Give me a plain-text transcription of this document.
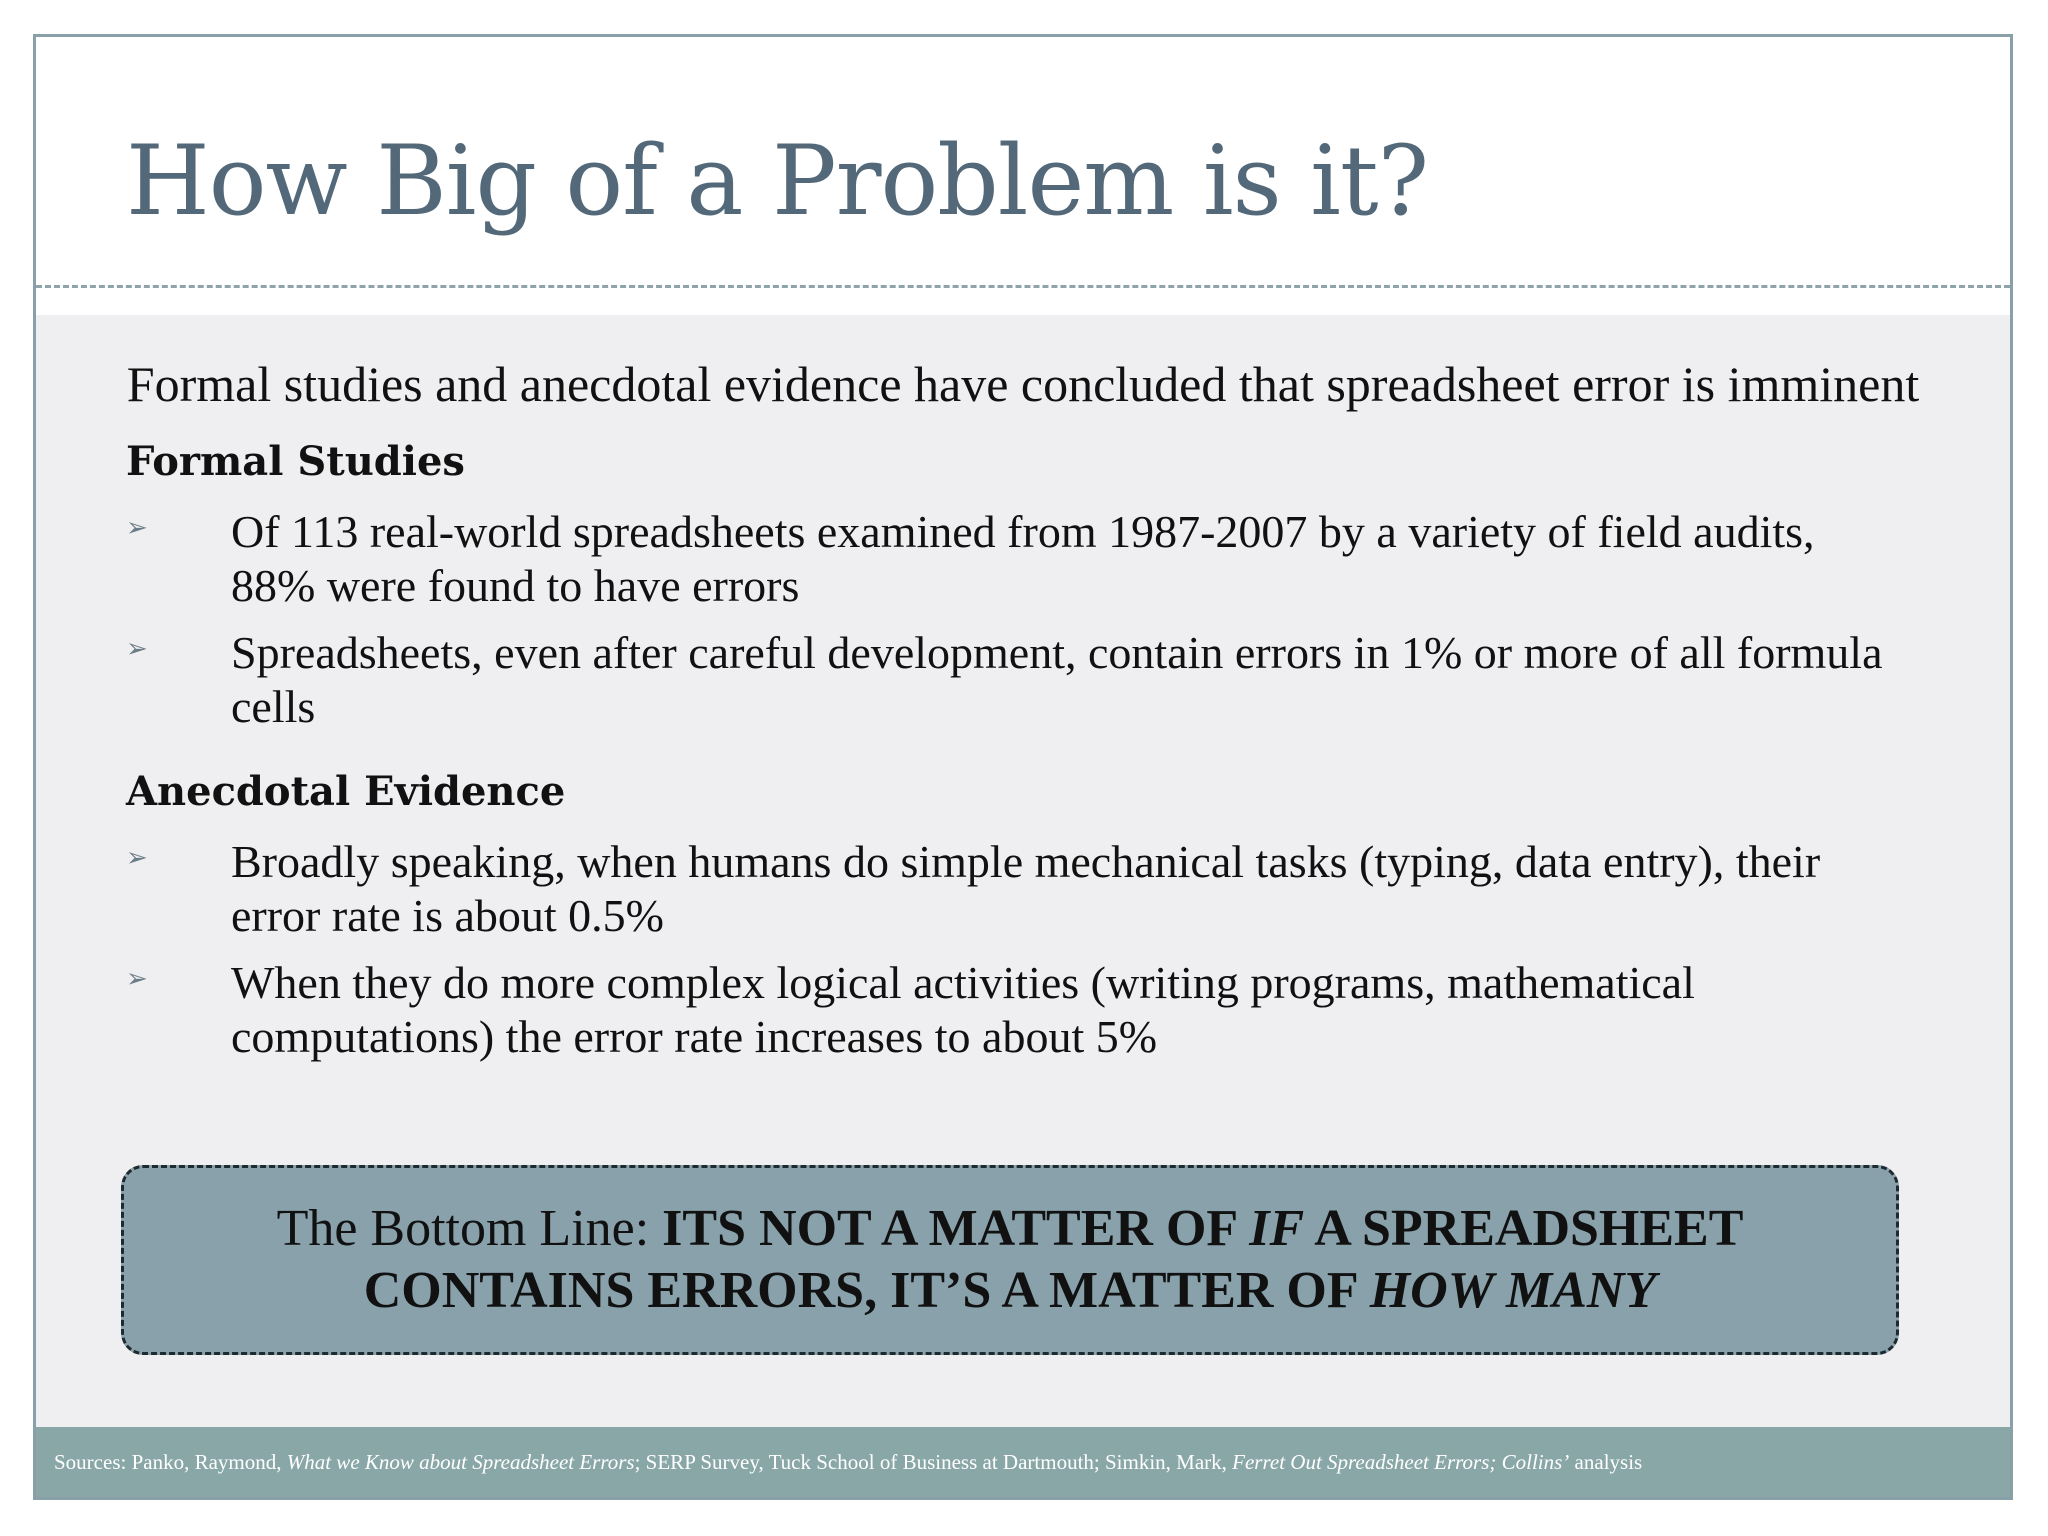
How Big of a Problem is it?

Formal studies and anecdotal evidence have concluded that spreadsheet error is imminent

Formal Studies
➢ Of 113 real-world spreadsheets examined from 1987-2007 by a variety of field audits, 88% were found to have errors
➢ Spreadsheets, even after careful development, contain errors in 1% or more of all formula cells
Anecdotal Evidence
➢ Broadly speaking, when humans do simple mechanical tasks (typing, data entry), their error rate is about 0.5%
➢ When they do more complex logical activities (writing programs, mathematical computations) the error rate increases to about 5%

The Bottom Line: ITS NOT A MATTER OF IF A SPREADSHEET CONTAINS ERRORS, IT’S A MATTER OF HOW MANY

Sources: Panko, Raymond, What we Know about Spreadsheet Errors; SERP Survey, Tuck School of Business at Dartmouth; Simkin, Mark, Ferret Out Spreadsheet Errors; Collins’ analysis
